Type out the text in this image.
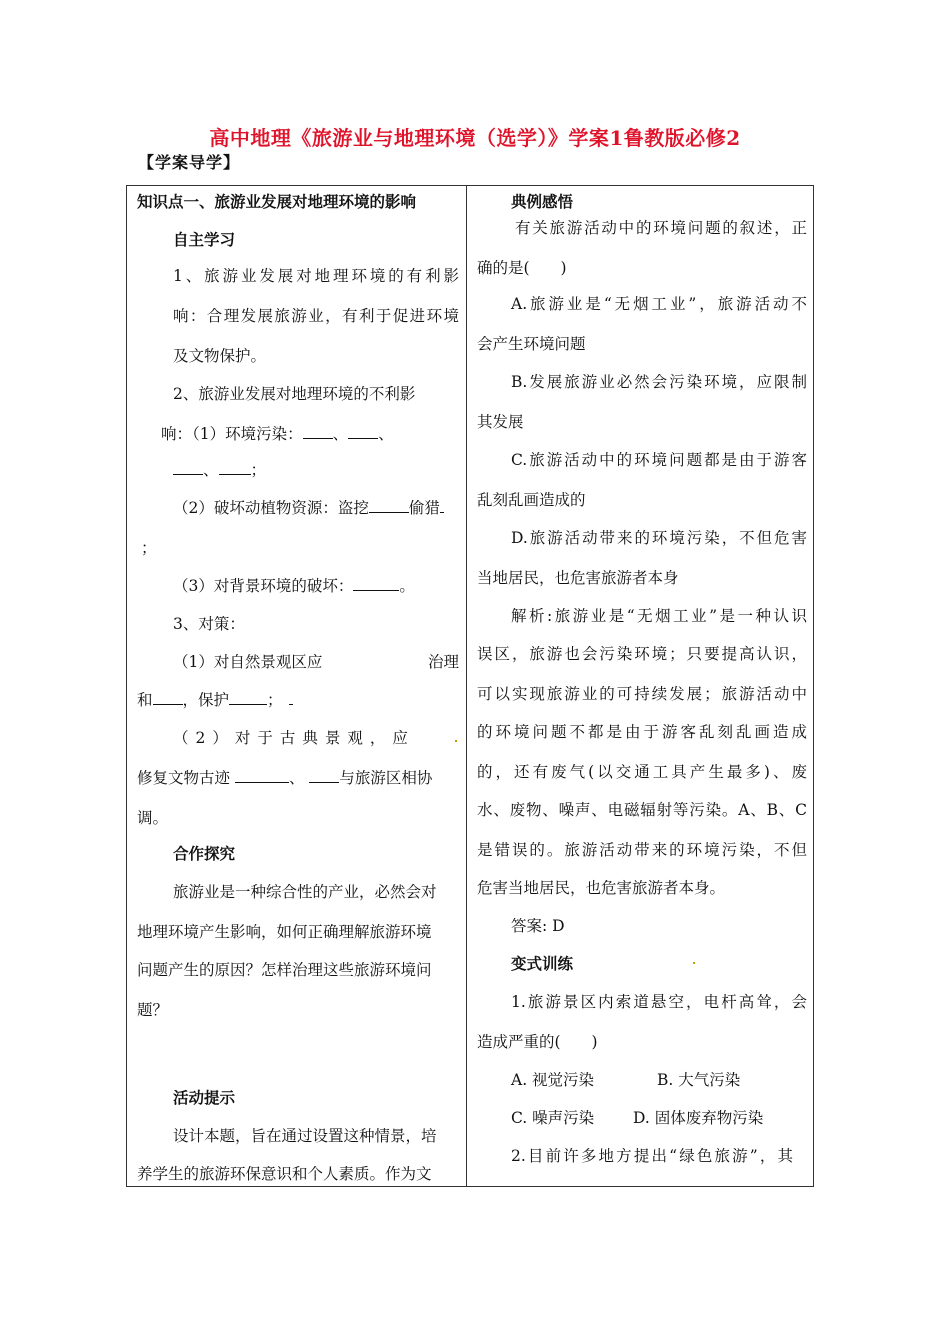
高中地理《旅游业与地理环境（选学）》学案1鲁教版必修2
【学案导学】
知识点一、旅游业发展对地理环境的影响
自主学习
1、旅游业发展对地理环境的有利影
响：合理发展旅游业，有利于促进环境
及文物保护。
2、旅游业发展对地理环境的不利影
响：（1）环境污染： 、 、
、 ；
（2）破坏动植物资源：盗挖	偷猎
；
（3）对背景环境的破坏：	。
3、对策：
（1）对自然景观区应	治理
和 ，保护 ；
（2）对于古典景观，应
修复文物古迹	、 与旅游区相协
调。
合作探究
旅游业是一种综合性的产业，必然会对
地理环境产生影响，如何正确理解旅游环境
问题产生的原因？怎样治理这些旅游环境问
题？
活动提示
设计本题，旨在通过设置这种情景，培
养学生的旅游环保意识和个人素质。作为文
典例感悟
有关旅游活动中的环境问题的叙述，正
确的是(　　)
A.旅游业是“无烟工业”，旅游活动不
会产生环境问题
B.发展旅游业必然会污染环境，应限制
其发展
C.旅游活动中的环境问题都是由于游客
乱刻乱画造成的
D.旅游活动带来的环境污染，不但危害
当地居民，也危害旅游者本身
解析:旅游业是“无烟工业”是一种认识
误区，旅游也会污染环境；只要提高认识，
可以实现旅游业的可持续发展；旅游活动中
的环境问题不都是由于游客乱刻乱画造成
的，还有废气(以交通工具产生最多)、废
水、废物、噪声、电磁辐射等污染。A、B、C
是错误的。旅游活动带来的环境污染，不但
危害当地居民，也危害旅游者本身。
答案: D
变式训练
1.旅游景区内索道悬空，电杆高耸，会
造成严重的(　　)
A. 视觉污染	B. 大气污染
C. 噪声污染	D. 固体废弃物污染
2.目前许多地方提出“绿色旅游”，其
